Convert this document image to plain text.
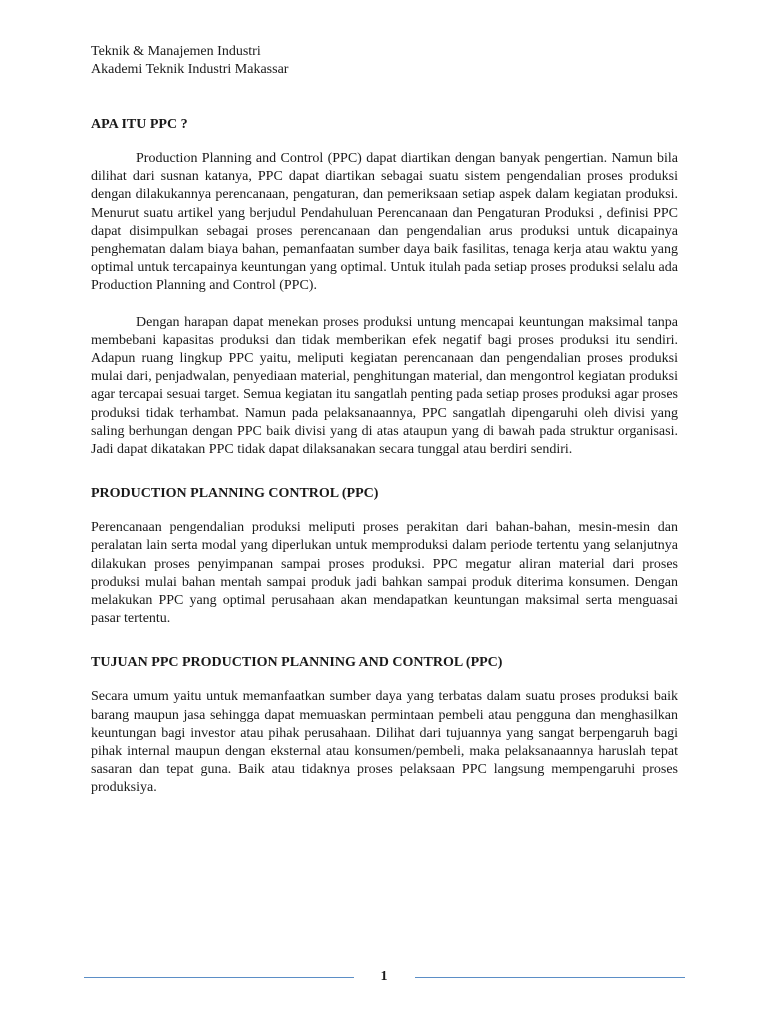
Teknik & Manajemen Industri
Akademi Teknik Industri Makassar
APA ITU PPC ?

Production Planning and Control (PPC) dapat diartikan dengan banyak pengertian. Namun bila dilihat dari susnan katanya, PPC dapat diartikan sebagai suatu sistem pengendalian proses produksi dengan dilakukannya perencanaan, pengaturan, dan pemeriksaan setiap aspek dalam kegiatan produksi. Menurut suatu artikel yang berjudul Pendahuluan Perencanaan dan Pengaturan Produksi , definisi PPC dapat disimpulkan sebagai proses perencanaan dan pengendalian arus produksi untuk dicapainya penghematan dalam biaya bahan, pemanfaatan sumber daya baik fasilitas, tenaga kerja atau waktu yang optimal untuk tercapainya keuntungan yang optimal. Untuk itulah pada setiap proses produksi selalu ada Production Planning and Control (PPC).

Dengan harapan dapat menekan proses produksi untung mencapai keuntungan maksimal tanpa membebani kapasitas produksi dan tidak memberikan efek negatif bagi proses produksi itu sendiri. Adapun ruang lingkup PPC yaitu, meliputi kegiatan perencanaan dan pengendalian proses produksi mulai dari, penjadwalan, penyediaan material, penghitungan material, dan mengontrol kegiatan produksi agar tercapai sesuai target. Semua kegiatan itu sangatlah penting pada setiap proses produksi agar proses produksi tidak terhambat. Namun pada pelaksanaannya, PPC sangatlah dipengaruhi oleh divisi yang saling berhungan dengan PPC baik divisi yang di atas ataupun yang di bawah pada struktur organisasi. Jadi dapat dikatakan PPC tidak dapat dilaksanakan secara tunggal atau berdiri sendiri.

PRODUCTION PLANNING CONTROL (PPC)

Perencanaan pengendalian produksi meliputi proses perakitan dari bahan-bahan, mesin-mesin dan peralatan lain serta modal yang diperlukan untuk memproduksi dalam periode tertentu yang selanjutnya dilakukan proses penyimpanan sampai proses produksi. PPC megatur aliran material dari proses produksi mulai bahan mentah sampai produk jadi bahkan sampai produk diterima konsumen. Dengan melakukan PPC yang optimal perusahaan akan mendapatkan keuntungan maksimal serta menguasai pasar tertentu.

TUJUAN PPC PRODUCTION PLANNING AND CONTROL (PPC)

Secara umum yaitu untuk memanfaatkan sumber daya yang terbatas dalam suatu proses produksi baik barang maupun jasa sehingga dapat memuaskan permintaan pembeli atau pengguna dan menghasilkan keuntungan bagi investor atau pihak perusahaan. Dilihat dari tujuannya yang sangat berpengaruh bagi pihak internal maupun dengan eksternal atau konsumen/pembeli, maka pelaksanaannya haruslah tepat sasaran dan tepat guna. Baik atau tidaknya proses pelaksaan PPC langsung mempengaruhi proses produksiya.

1
